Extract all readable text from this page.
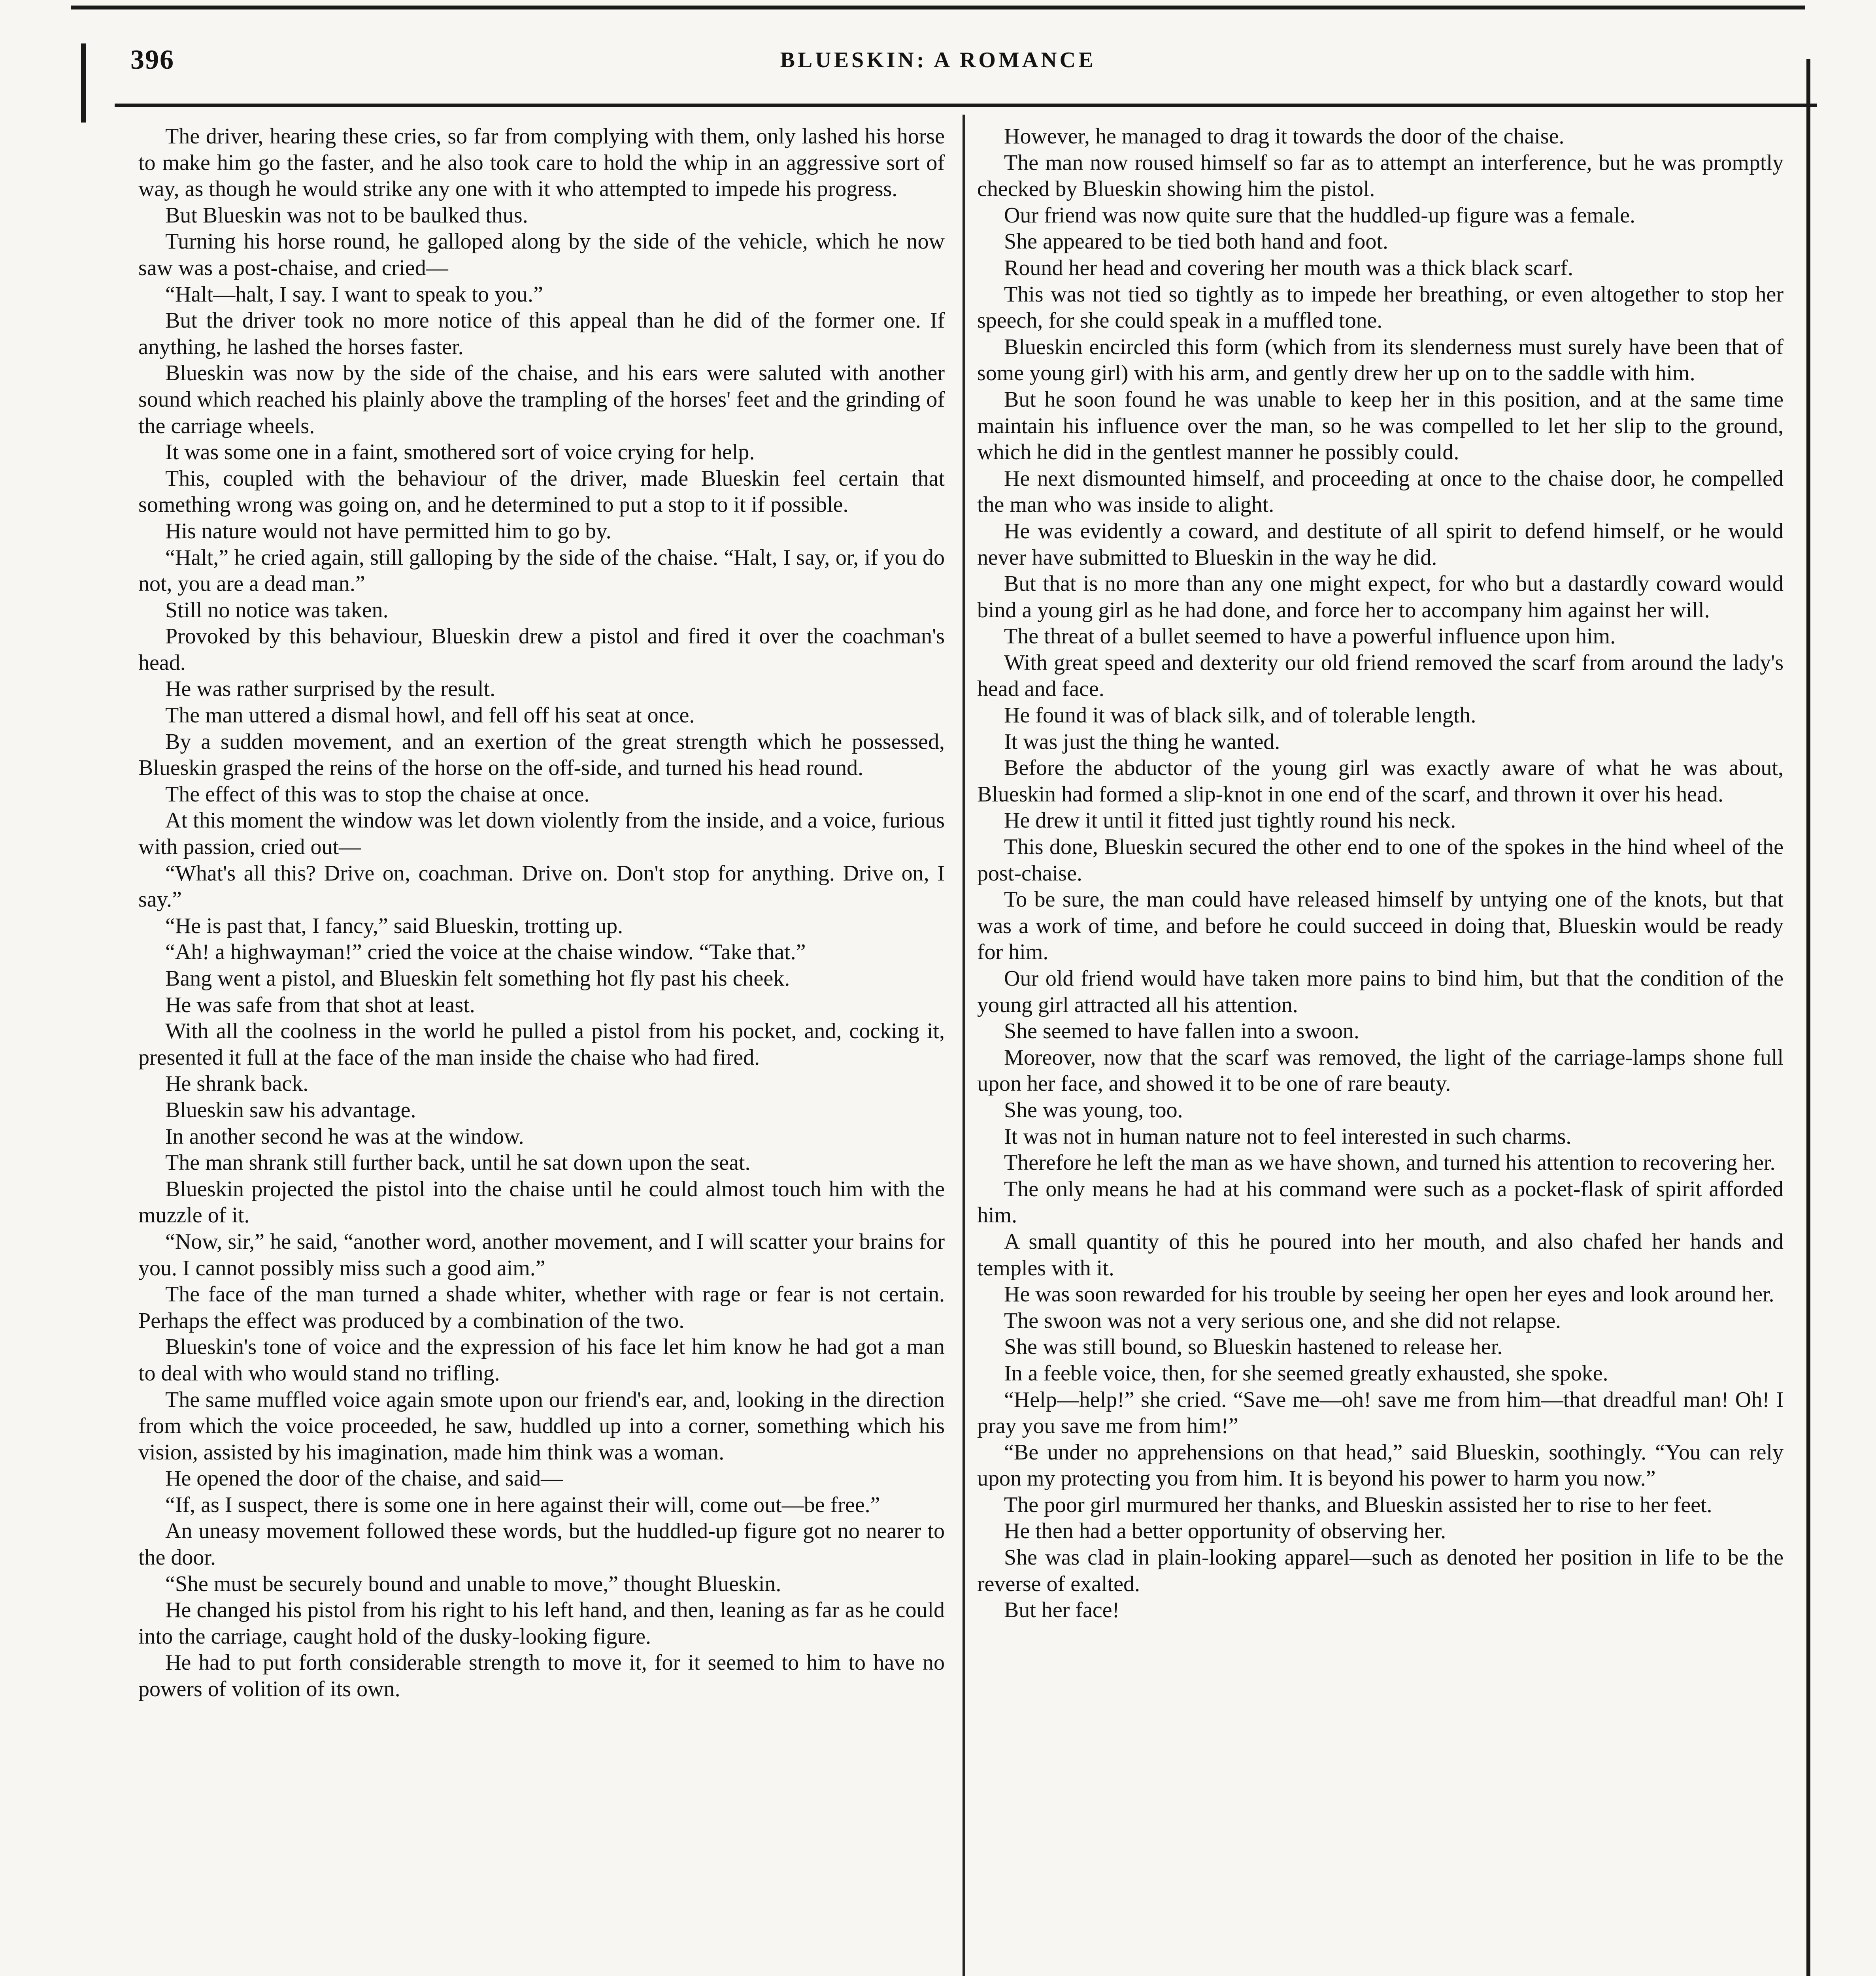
396	BLUESKIN: A ROMANCE

The driver, hearing these cries, so far from complying with them, only lashed his horse to make him go the faster, and he also took care to hold the whip in an aggressive sort of way, as though he would strike any one with it who attempted to impede his progress.

But Blueskin was not to be baulked thus.

Turning his horse round, he galloped along by the side of the vehicle, which he now saw was a post-chaise, and cried—

“Halt—halt, I say. I want to speak to you.”

But the driver took no more notice of this appeal than he did of the former one. If anything, he lashed the horses faster.

Blueskin was now by the side of the chaise, and his ears were saluted with another sound which reached his plainly above the trampling of the horses' feet and the grinding of the carriage wheels.

It was some one in a faint, smothered sort of voice crying for help.

This, coupled with the behaviour of the driver, made Blueskin feel certain that something wrong was going on, and he determined to put a stop to it if possible.

His nature would not have permitted him to go by.

“Halt,” he cried again, still galloping by the side of the chaise. “Halt, I say, or, if you do not, you are a dead man.”

Still no notice was taken.

Provoked by this behaviour, Blueskin drew a pistol and fired it over the coachman's head.

He was rather surprised by the result.

The man uttered a dismal howl, and fell off his seat at once.

By a sudden movement, and an exertion of the great strength which he possessed, Blueskin grasped the reins of the horse on the off-side, and turned his head round.

The effect of this was to stop the chaise at once.

At this moment the window was let down violently from the inside, and a voice, furious with passion, cried out—

“What's all this? Drive on, coachman. Drive on. Don't stop for anything. Drive on, I say.”

“He is past that, I fancy,” said Blueskin, trotting up.

“Ah! a highwayman!” cried the voice at the chaise window. “Take that.”

Bang went a pistol, and Blueskin felt something hot fly past his cheek.

He was safe from that shot at least.

With all the coolness in the world he pulled a pistol from his pocket, and, cocking it, presented it full at the face of the man inside the chaise who had fired.

He shrank back.

Blueskin saw his advantage.

In another second he was at the window.

The man shrank still further back, until he sat down upon the seat.

Blueskin projected the pistol into the chaise until he could almost touch him with the muzzle of it.

“Now, sir,” he said, “another word, another movement, and I will scatter your brains for you. I cannot possibly miss such a good aim.”

The face of the man turned a shade whiter, whether with rage or fear is not certain. Perhaps the effect was produced by a combination of the two.

Blueskin's tone of voice and the expression of his face let him know he had got a man to deal with who would stand no trifling.

The same muffled voice again smote upon our friend's ear, and, looking in the direction from which the voice proceeded, he saw, huddled up into a corner, something which his vision, assisted by his imagination, made him think was a woman.

He opened the door of the chaise, and said—

“If, as I suspect, there is some one in here against their will, come out—be free.”

An uneasy movement followed these words, but the huddled-up figure got no nearer to the door.

“She must be securely bound and unable to move,” thought Blueskin.

He changed his pistol from his right to his left hand, and then, leaning as far as he could into the carriage, caught hold of the dusky-looking figure.

He had to put forth considerable strength to move it, for it seemed to him to have no powers of volition of its own.

However, he managed to drag it towards the door of the chaise.

The man now roused himself so far as to attempt an interference, but he was promptly checked by Blueskin showing him the pistol.

Our friend was now quite sure that the huddled-up figure was a female.

She appeared to be tied both hand and foot.

Round her head and covering her mouth was a thick black scarf.

This was not tied so tightly as to impede her breathing, or even altogether to stop her speech, for she could speak in a muffled tone.

Blueskin encircled this form (which from its slenderness must surely have been that of some young girl) with his arm, and gently drew her up on to the saddle with him.

But he soon found he was unable to keep her in this position, and at the same time maintain his influence over the man, so he was compelled to let her slip to the ground, which he did in the gentlest manner he possibly could.

He next dismounted himself, and proceeding at once to the chaise door, he compelled the man who was inside to alight.

He was evidently a coward, and destitute of all spirit to defend himself, or he would never have submitted to Blueskin in the way he did.

But that is no more than any one might expect, for who but a dastardly coward would bind a young girl as he had done, and force her to accompany him against her will.

The threat of a bullet seemed to have a powerful influence upon him.

With great speed and dexterity our old friend removed the scarf from around the lady's head and face.

He found it was of black silk, and of tolerable length.

It was just the thing he wanted.

Before the abductor of the young girl was exactly aware of what he was about, Blueskin had formed a slip-knot in one end of the scarf, and thrown it over his head.

He drew it until it fitted just tightly round his neck.

This done, Blueskin secured the other end to one of the spokes in the hind wheel of the post-chaise.

To be sure, the man could have released himself by untying one of the knots, but that was a work of time, and before he could succeed in doing that, Blueskin would be ready for him.

Our old friend would have taken more pains to bind him, but that the condition of the young girl attracted all his attention.

She seemed to have fallen into a swoon.

Moreover, now that the scarf was removed, the light of the carriage-lamps shone full upon her face, and showed it to be one of rare beauty.

She was young, too.

It was not in human nature not to feel interested in such charms.

Therefore he left the man as we have shown, and turned his attention to recovering her.

The only means he had at his command were such as a pocket-flask of spirit afforded him.

A small quantity of this he poured into her mouth, and also chafed her hands and temples with it.

He was soon rewarded for his trouble by seeing her open her eyes and look around her.

The swoon was not a very serious one, and she did not relapse.

She was still bound, so Blueskin hastened to release her.

In a feeble voice, then, for she seemed greatly exhausted, she spoke.

“Help—help!” she cried. “Save me—oh! save me from him—that dreadful man! Oh! I pray you save me from him!”

“Be under no apprehensions on that head,” said Blueskin, soothingly. “You can rely upon my protecting you from him. It is beyond his power to harm you now.”

The poor girl murmured her thanks, and Blueskin assisted her to rise to her feet.

He then had a better opportunity of observing her.

She was clad in plain-looking apparel—such as denoted her position in life to be the reverse of exalted.

But her face!
